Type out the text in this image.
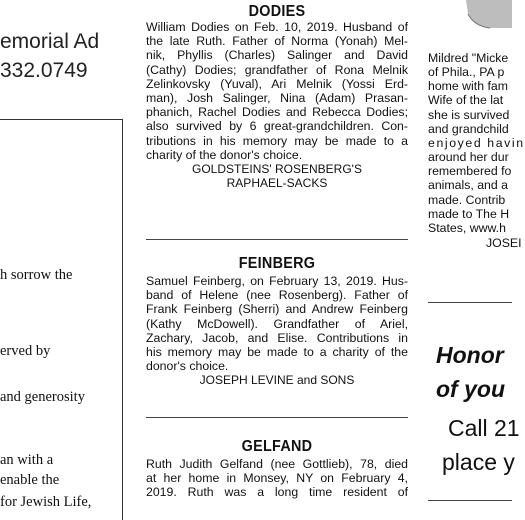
emorial Ad
332.0749
h sorrow the
erved by
and generosity
an with a
enable the
for Jewish Life,
DODIES
William Dodies on Feb. 10, 2019. Husband of
the late Ruth. Father of Norma (Yonah) Mel-
nik, Phyllis (Charles) Salinger and David
(Cathy) Dodies; grandfather of Rona Melnik
Zelinkovsky (Yuval), Ari Melnik (Yossi Erd-
man), Josh Salinger, Nina (Adam) Prasan-
phanich, Rachel Dodies and Rebecca Dodies;
also survived by 6 great-grandchildren. Con-
tributions in his memory may be made to a
charity of the donor's choice.
GOLDSTEINS' ROSENBERG'S
RAPHAEL-SACKS
FEINBERG
Samuel Feinberg, on February 13, 2019. Hus-
band of Helene (nee Rosenberg). Father of
Frank Feinberg (Sherri) and Andrew Feinberg
(Kathy McDowell). Grandfather of Ariel,
Zachary, Jacob, and Elise. Contributions in
his memory may be made to a charity of the
donor's choice.
JOSEPH LEVINE and SONS
GELFAND
Ruth Judith Gelfand (nee Gottlieb), 78, died
at her home in Monsey, NY on February 4,
2019. Ruth was a long time resident of
Mildred "Micke
of Phila., PA p
home with fam
Wife of the lat
she is survived
and grandchild
enjoyed havin
around her dur
remembered fo
animals, and a
made. Contrib
made to The H
States, www.h
JOSEI
Honor
of you
Call 21
place y
